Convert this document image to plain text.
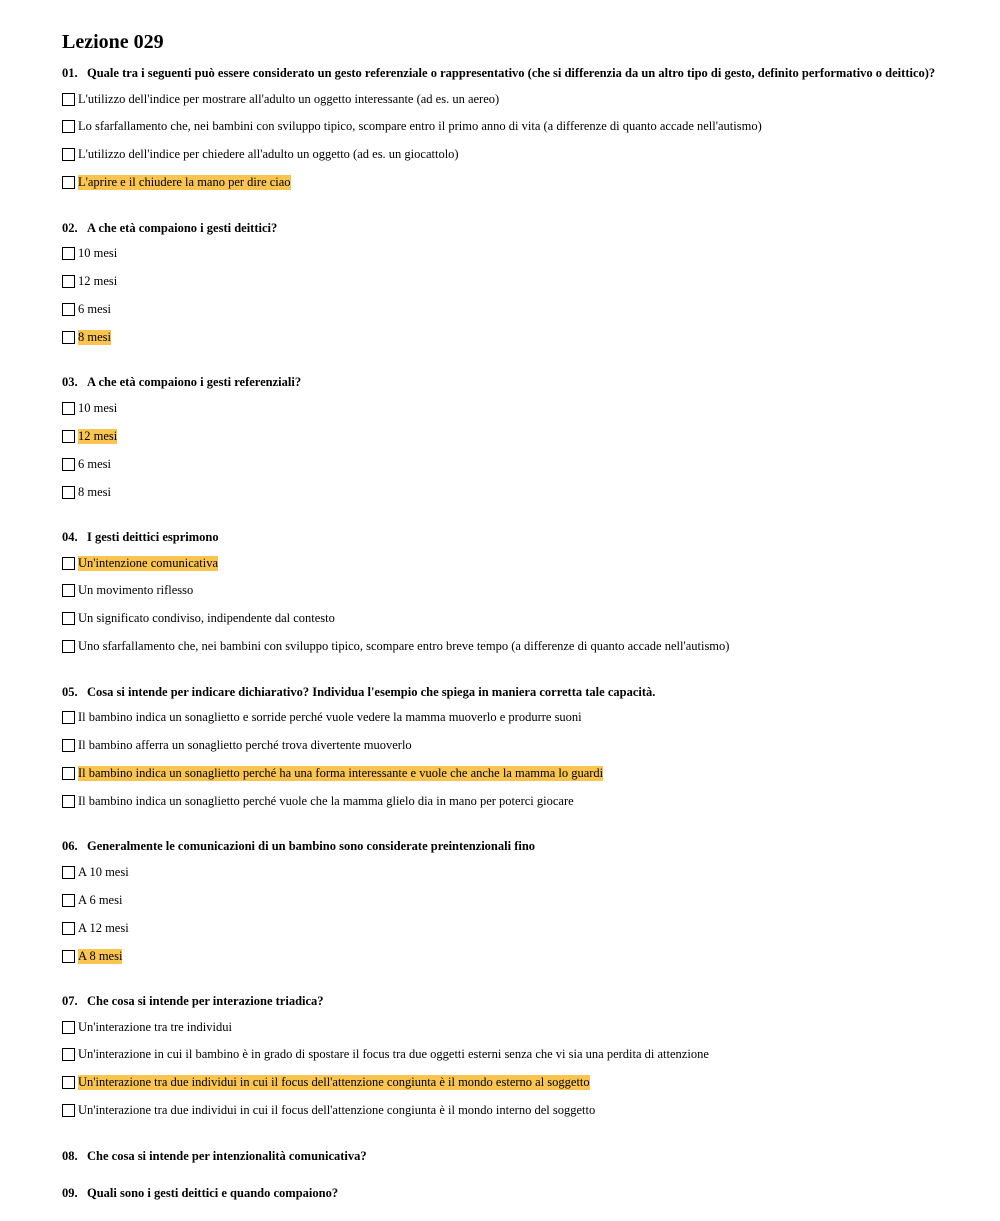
Lezione 029
01. Quale tra i seguenti può essere considerato un gesto referenziale o rappresentativo (che si differenzia da un altro tipo di gesto, definito performativo o deittico)?
L'utilizzo dell'indice per mostrare all'adulto un oggetto interessante (ad es. un aereo)
Lo sfarfallamento che, nei bambini con sviluppo tipico, scompare entro il primo anno di vita (a differenze di quanto accade nell'autismo)
L'utilizzo dell'indice per chiedere all'adulto un oggetto (ad es. un giocattolo)
L'aprire e il chiudere la mano per dire ciao
02. A che età compaiono i gesti deittici?
10 mesi
12 mesi
6 mesi
8 mesi
03. A che età compaiono i gesti referenziali?
10 mesi
12 mesi
6 mesi
8 mesi
04. I gesti deittici esprimono
Un'intenzione comunicativa
Un movimento riflesso
Un significato condiviso, indipendente dal contesto
Uno sfarfallamento che, nei bambini con sviluppo tipico, scompare entro breve tempo (a differenze di quanto accade nell'autismo)
05. Cosa si intende per indicare dichiarativo? Individua l'esempio che spiega in maniera corretta tale capacità.
Il bambino indica un sonaglietto e sorride perché vuole vedere la mamma muoverlo e produrre suoni
Il bambino afferra un sonaglietto perché trova divertente muoverlo
Il bambino indica un sonaglietto perché ha una forma interessante e vuole che anche la mamma lo guardi
Il bambino indica un sonaglietto perché vuole che la mamma glielo dia in mano per poterci giocare
06. Generalmente le comunicazioni di un bambino sono considerate preintenzionali fino
A 10 mesi
A 6 mesi
A 12 mesi
A 8 mesi
07. Che cosa si intende per interazione triadica?
Un'interazione tra tre individui
Un'interazione in cui il bambino è in grado di spostare il focus tra due oggetti esterni senza che vi sia una perdita di attenzione
Un'interazione tra due individui in cui il focus dell'attenzione congiunta è il mondo esterno al soggetto
Un'interazione tra due individui in cui il focus dell'attenzione congiunta è il mondo interno del soggetto
08. Che cosa si intende per intenzionalità comunicativa?
09. Quali sono i gesti deittici e quando compaiono?
